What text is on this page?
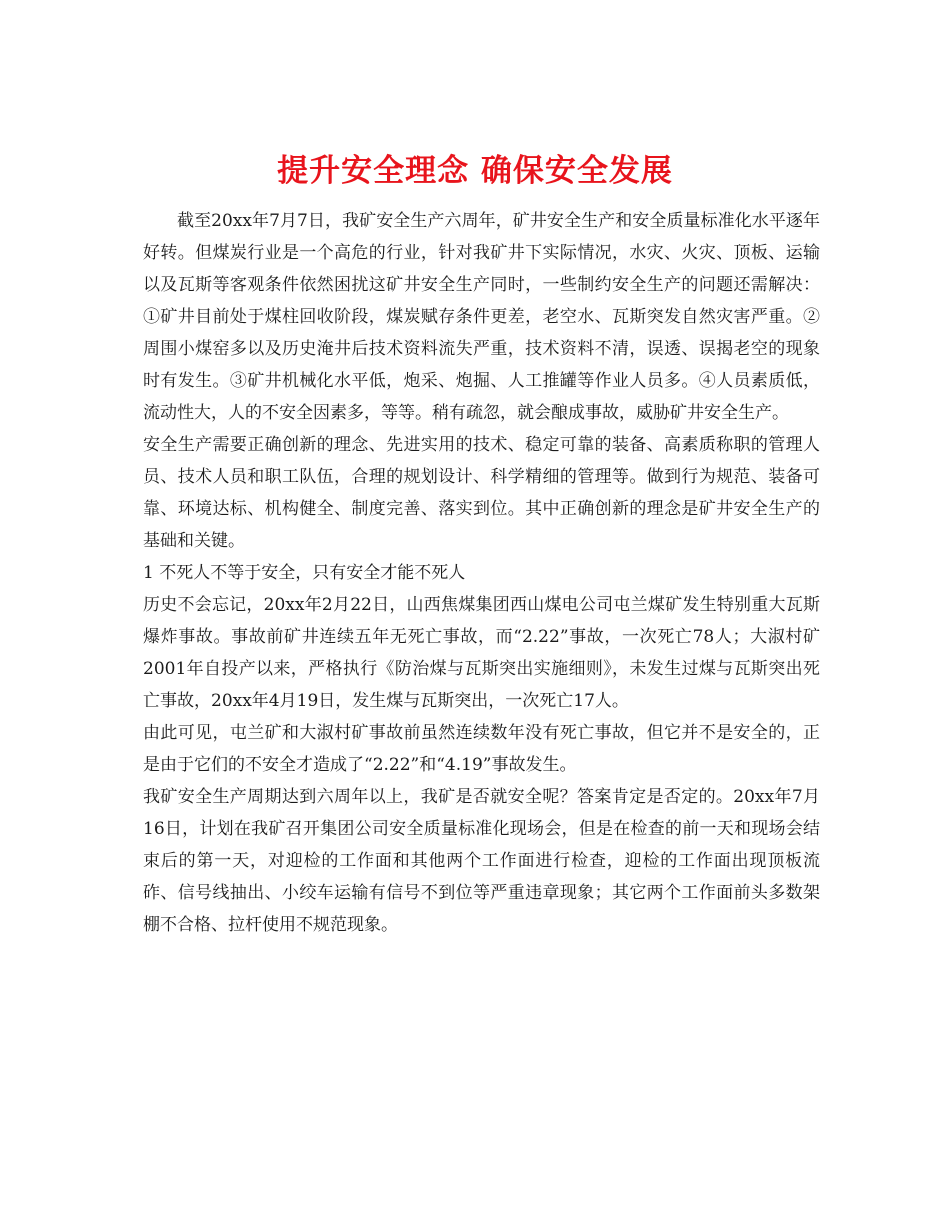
提升安全理念 确保安全发展

截至20xx年7月7日，我矿安全生产六周年，矿井安全生产和安全质量标准化水平逐年好转。但煤炭行业是一个高危的行业，针对我矿井下实际情况，水灾、火灾、顶板、运输以及瓦斯等客观条件依然困扰这矿井安全生产同时，一些制约安全生产的问题还需解决：①矿井目前处于煤柱回收阶段，煤炭赋存条件更差，老空水、瓦斯突发自然灾害严重。②周围小煤窑多以及历史淹井后技术资料流失严重，技术资料不清，误透、误揭老空的现象时有发生。③矿井机械化水平低，炮采、炮掘、人工推罐等作业人员多。④人员素质低，流动性大，人的不安全因素多，等等。稍有疏忽，就会酿成事故，威胁矿井安全生产。

安全生产需要正确创新的理念、先进实用的技术、稳定可靠的装备、高素质称职的管理人员、技术人员和职工队伍，合理的规划设计、科学精细的管理等。做到行为规范、装备可靠、环境达标、机构健全、制度完善、落实到位。其中正确创新的理念是矿井安全生产的基础和关键。

1 不死人不等于安全，只有安全才能不死人

历史不会忘记，20xx年2月22日，山西焦煤集团西山煤电公司屯兰煤矿发生特别重大瓦斯爆炸事故。事故前矿井连续五年无死亡事故，而“2.22”事故，一次死亡78人；大淑村矿2001年自投产以来，严格执行《防治煤与瓦斯突出实施细则》，未发生过煤与瓦斯突出死亡事故，20xx年4月19日，发生煤与瓦斯突出，一次死亡17人。

由此可见，屯兰矿和大淑村矿事故前虽然连续数年没有死亡事故，但它并不是安全的，正是由于它们的不安全才造成了“2.22”和“4.19”事故发生。

我矿安全生产周期达到六周年以上，我矿是否就安全呢？答案肯定是否定的。20xx年7月16日，计划在我矿召开集团公司安全质量标准化现场会，但是在检查的前一天和现场会结束后的第一天，对迎检的工作面和其他两个工作面进行检查，迎检的工作面出现顶板流砟、信号线抽出、小绞车运输有信号不到位等严重违章现象；其它两个工作面前头多数架棚不合格、拉杆使用不规范现象。
